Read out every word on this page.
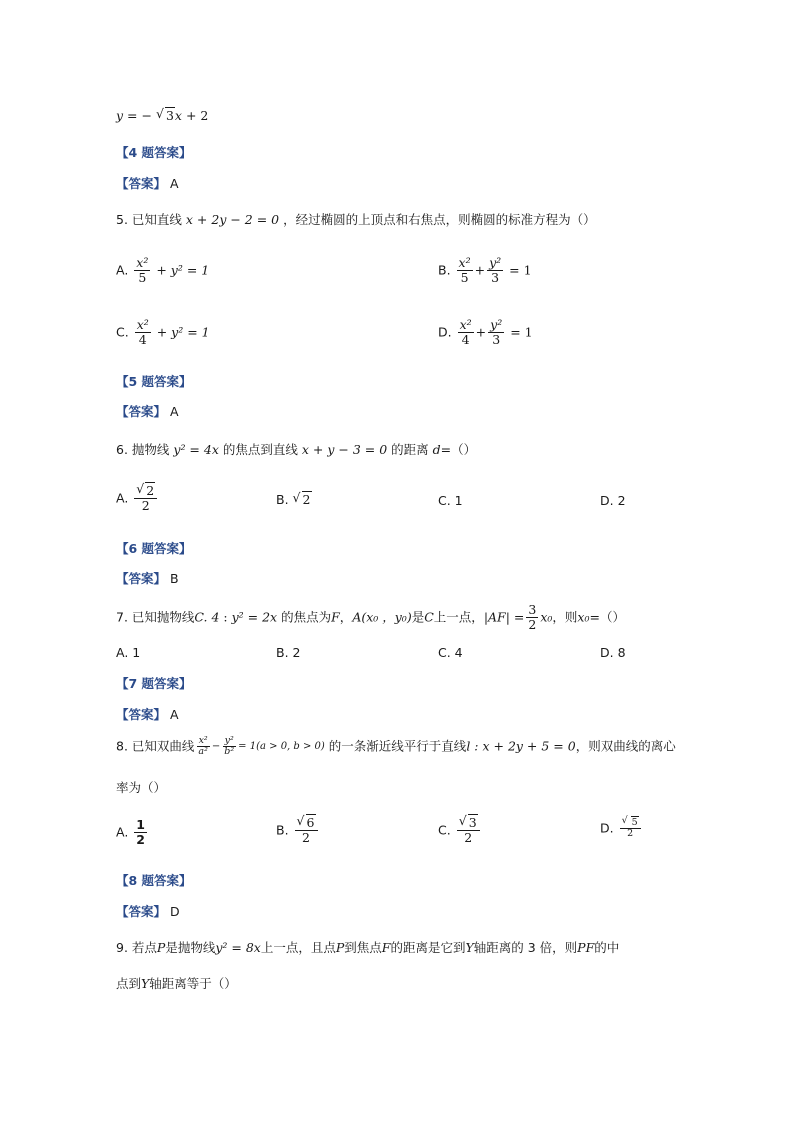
y = − √ 3x + 2
【4 题答案】
【答案】 A
5. 已知直线 x + 2y − 2 = 0 ，经过椭圆的上顶点和右焦点，则椭圆的标准方程为（）
A. $\frac{\text{x²}}{5} + y^2 = 1$	B. $\frac{\text{x²}}{5} + \frac{\text{y²}}{3} = 1$
C. $\frac{\text{x²}}{4} + y^2 = 1$	D. $\frac{\text{x²}}{4} + \frac{\text{y²}}{3} = 1$
【5 题答案】
【答案】 A
6. 抛物线 y² = 4x 的焦点到直线 x + y − 3 = 0 的距离 d=（）
A. √ $\frac{2}{2}$	B. √ 2	C. 1	D. 2
【6 题答案】
【答案】 B
7. 已知抛物线C. 4 : y² = 2x 的焦点为F，A(x₀ ，y₀)是C上一点，$|AF| = \frac{3}{2} x_0$，则x₀=（）
A. 1	B. 2	C. 4	D. 8
【7 题答案】
【答案】 A
8. 已知双曲线 $\frac{\text{x²}}{\text{a²}} - \frac{\text{y²}}{\text{b²}} = 1(a > 0$, b > 0) 的一条渐近线平行于直线l : x + 2y + 5 = 0，则双曲线的离心
率为（）
A. $\frac{1}{2}$	B. √ $\frac{6}{2}$	C. √ $\frac{3}{2}$	D. √ $\frac{5}{2}$
【8 题答案】
【答案】 D
9. 若点P是抛物线y² = 8x上一点，且点P到焦点F的距离是它到Y轴距离的 3 倍，则PF的中
点到Y轴距离等于（）
